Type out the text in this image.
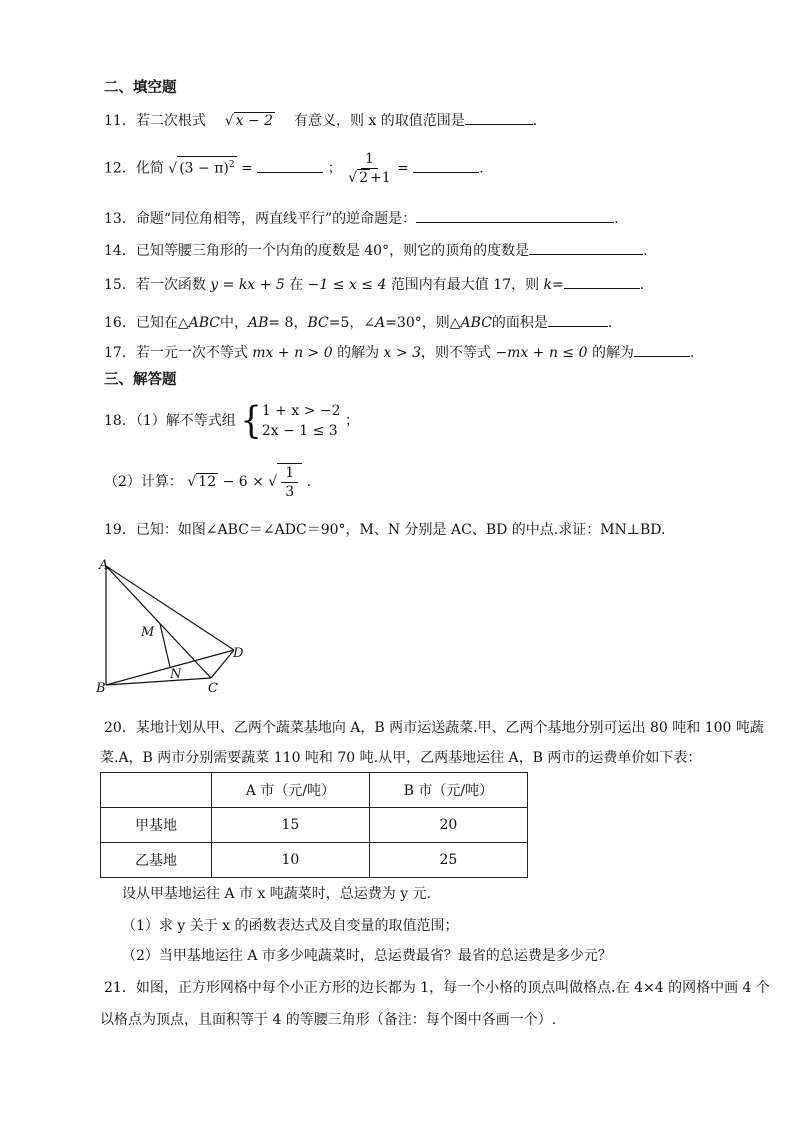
二、填空题
11．若二次根式 √ x − 2 有意义，则 x 的取值范围是	.
12．化简 √ $(3 - \pi)^2$ =	； $\frac{1}{√ 2 +1}$ =	.
13．命题“同位角相等，两直线平行”的逆命题是：	.
14．已知等腰三角形的一个内角的度数是 40°，则它的顶角的度数是	.
15．若一次函数 y = kx + 5 在 −1 ≤ x ≤ 4 范围内有最大值 17，则 k=	.
16．已知在△ABC中，AB= 8，BC=5，∠A=30°，则△ABC的面积是	.
17．若一元一次不等式 mx + n > 0 的解为 x > 3，则不等式 −mx + n ≤ 0 的解为	.
三、解答题
18．（1）解不等式组 { 1 + x > −2
2x − 1 ≤ 3
；
（2）计算： √ 12 − 6 × √ $\frac{1}{3}$ .
19．已知：如图∠ABC＝∠ADC＝90°，M、N 分别是 AC、BD 的中点.求证：MN⊥BD.
A
B	C
D
M
N
20．某地计划从甲、乙两个蔬菜基地向 A，B 两市运送蔬菜.甲、乙两个基地分别可运出 80 吨和 100 吨蔬
菜.A，B 两市分别需要蔬菜 110 吨和 70 吨.从甲，乙两基地运往 A，B 两市的运费单价如下表：
	A 市（元/吨）	B 市（元/吨）
甲基地	15	20
乙基地	10	25
设从甲基地运往 A 市 x 吨蔬菜时，总运费为 y 元.
（1）求 y 关于 x 的函数表达式及自变量的取值范围；
（2）当甲基地运往 A 市多少吨蔬菜时，总运费最省？最省的总运费是多少元？
21．如图，正方形网格中每个小正方形的边长都为 1，每一个小格的顶点叫做格点.在 4×4 的网格中画 4 个
以格点为顶点，且面积等于 4 的等腰三角形（备注：每个图中各画一个）.
